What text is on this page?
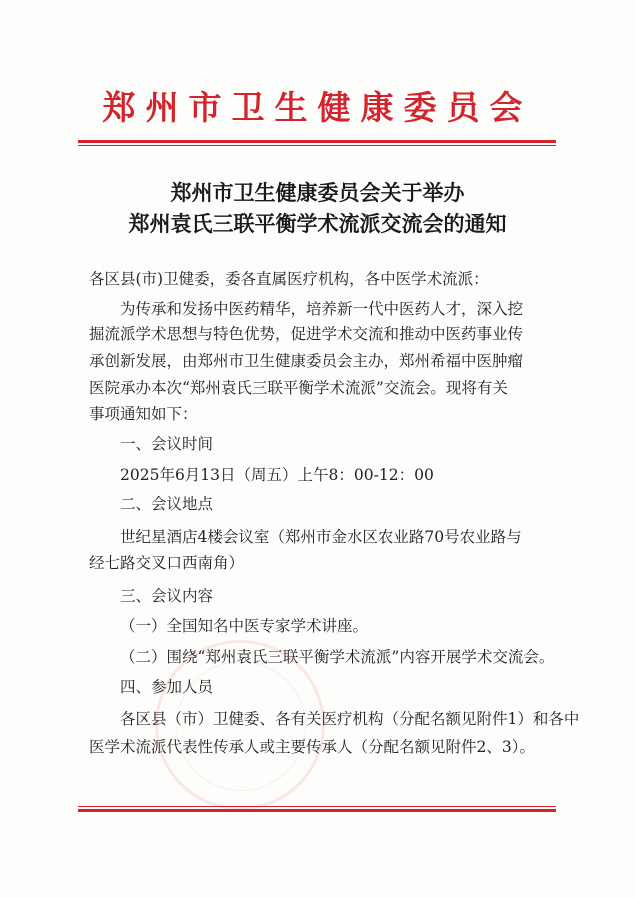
郑州市卫生健康委员会
郑州市卫生健康委员会关于举办
郑州袁氏三联平衡学术流派交流会的通知
各区县(市)卫健委，委各直属医疗机构，各中医学术流派：
为传承和发扬中医药精华，培养新一代中医药人才，深入挖
掘流派学术思想与特色优势，促进学术交流和推动中医药事业传
承创新发展，由郑州市卫生健康委员会主办，郑州希福中医肿瘤
医院承办本次“郑州袁氏三联平衡学术流派”交流会。现将有关
事项通知如下：
一、会议时间
2025年6月13日（周五）上午8：00-12：00
二、会议地点
世纪星酒店4楼会议室（郑州市金水区农业路70号农业路与
经七路交叉口西南角）
三、会议内容
（一）全国知名中医专家学术讲座。
（二）围绕“郑州袁氏三联平衡学术流派”内容开展学术交流会。
四、参加人员
各区县（市）卫健委、各有关医疗机构（分配名额见附件1）和各中
医学术流派代表性传承人或主要传承人（分配名额见附件2、3）。
